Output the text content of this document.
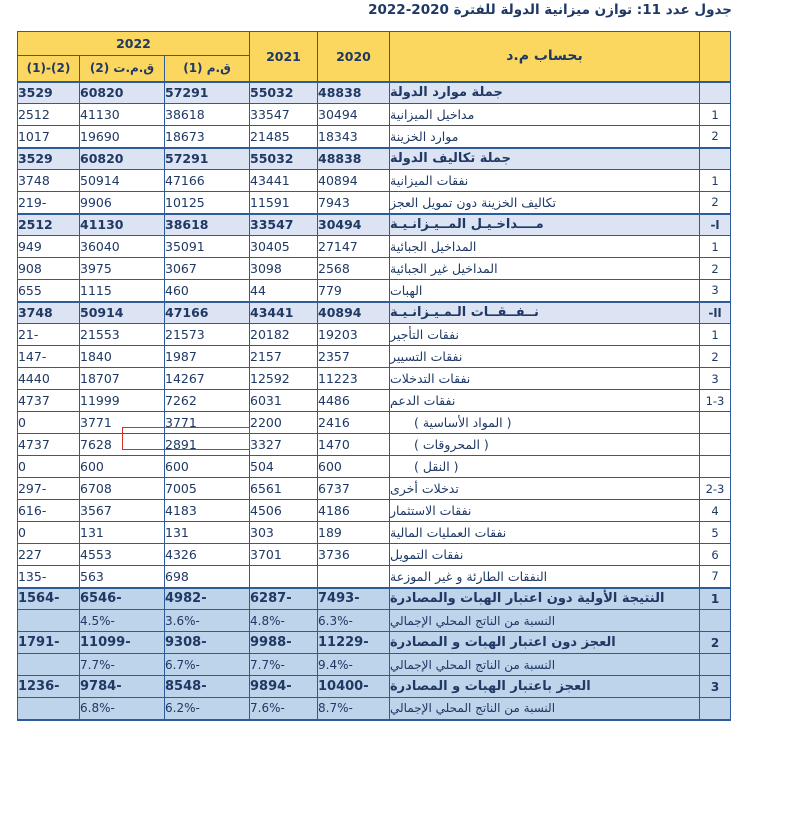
جدول عدد 11: توازن ميزانية الدولة للفترة 2020-2022
	بحساب م.د	2020	2021	2022		
				ق.م (1)	ق.م.ت (2)	(2)-(1)
	جملة موارد الدولة	48838	55032	57291	60820	3529
1	مداخيل الميزانية	30494	33547	38618	41130	2512
2	موارد الخزينة	18343	21485	18673	19690	1017
	جملة تكاليف الدولة	48838	55032	57291	60820	3529
1	نفقات الميزانية	40894	43441	47166	50914	3748
2	تكاليف الخزينة دون تمويل العجز	7943	11591	10125	9906	-219
ا-	مــــداخـيـل المــيـزانـيـة	30494	33547	38618	41130	2512
1	المداخيل الجبائية	27147	30405	35091	36040	949
2	المداخيل غير الجبائية	2568	3098	3067	3975	908
3	الهبات	779	44	460	1115	655
اا-	نــفــقــات الـمـيـزانـيـة	40894	43441	47166	50914	3748
1	نفقات التأجير	19203	20182	21573	21553	-21
2	نفقات التسيير	2357	2157	1987	1840	-147
3	نفقات التدخلات	11223	12592	14267	18707	4440
1-3	نفقات الدعم	4486	6031	7262	11999	4737
	( المواد الأساسية )	2416	2200	3771	3771	0
	( المحروقات )	1470	3327	2891	7628	4737
	( النقل )	600	504	600	600	0
2-3	تدخلات أخرى	6737	6561	7005	6708	-297
4	نفقات الاستثمار	4186	4506	4183	3567	-616
5	نفقات العمليات المالية	189	303	131	131	0
6	نفقات التمويل	3736	3701	4326	4553	227
7	النفقات الطارئة و غير الموزعة			698	563	-135
1	النتيجة الأولية دون اعتبار الهبات والمصادرة	-7493	-6287	-4982	-6546	-1564
	النسبة من الناتج المحلي الإجمالي	-6.3%	-4.8%	-3.6%	-4.5%	
2	العجز دون اعتبار الهبات و المصادرة	-11229	-9988	-9308	-11099	-1791
	النسبة من الناتج المحلي الإجمالي	-9.4%	-7.7%	-6.7%	-7.7%	
3	العجز باعتبار الهبات و المصادرة	-10400	-9894	-8548	-9784	-1236
	النسبة من الناتج المحلي الإجمالي	-8.7%	-7.6%	-6.2%	-6.8%	
